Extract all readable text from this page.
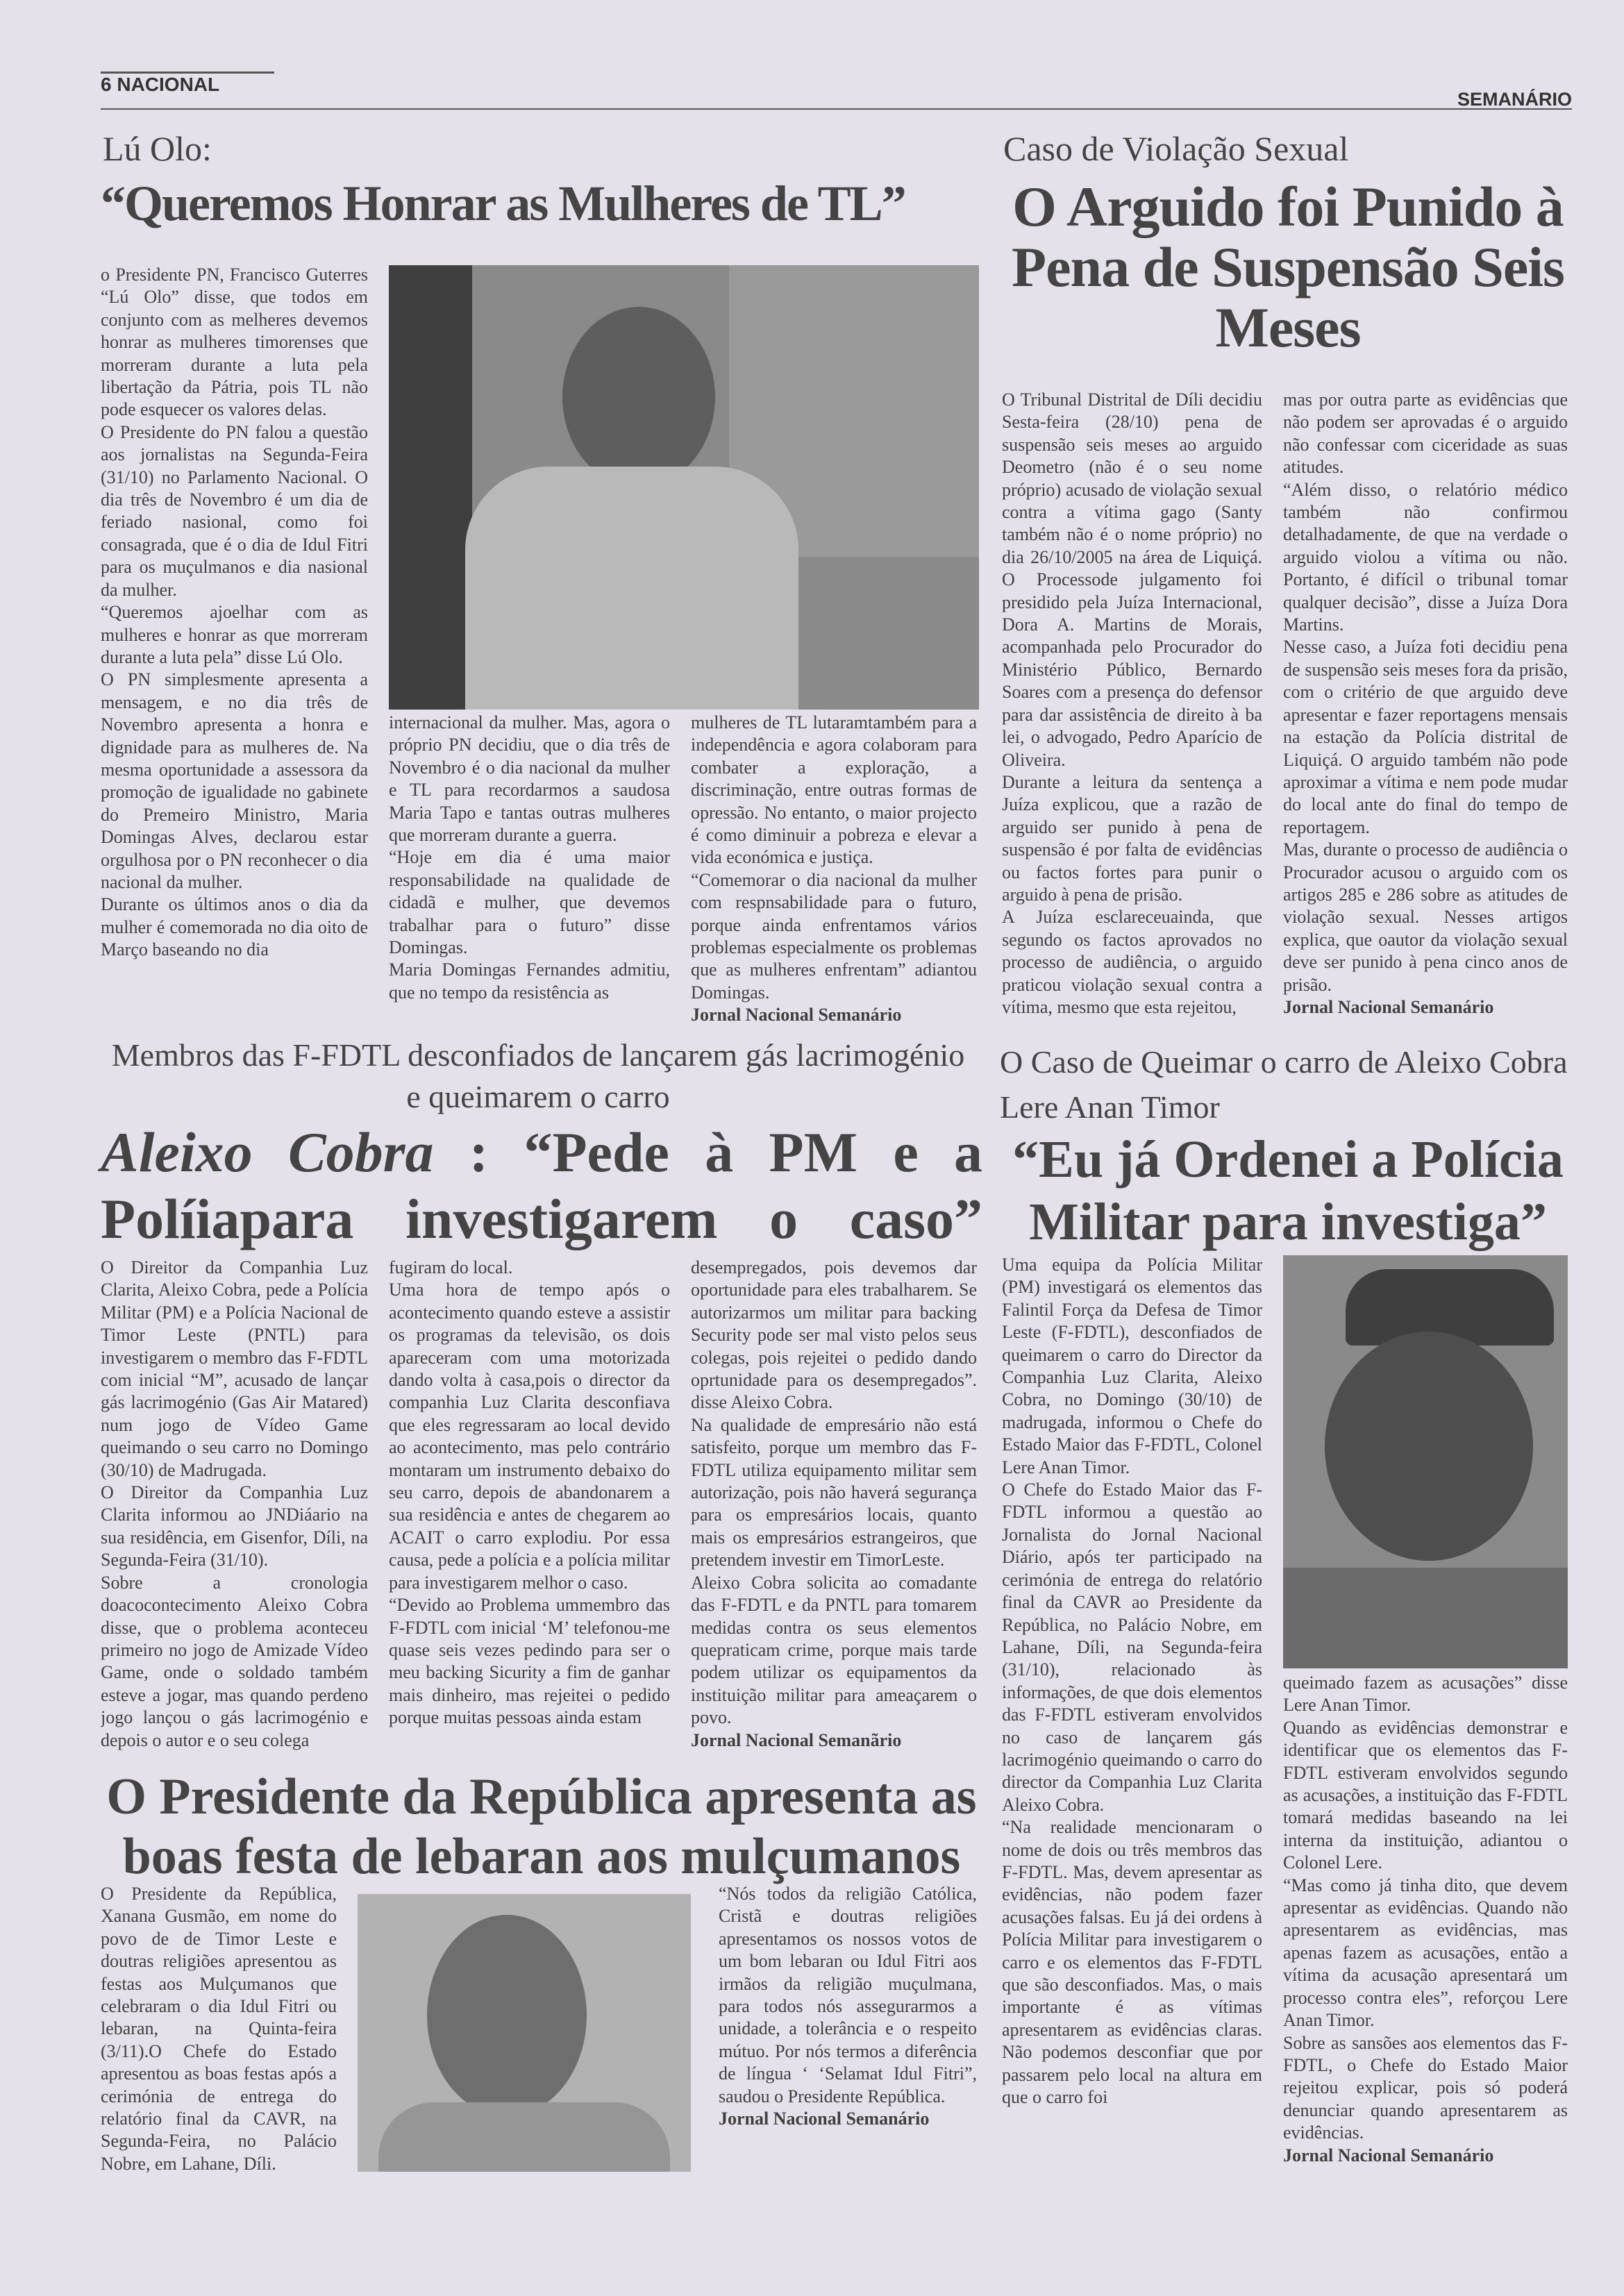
6 NACIONAL
SEMANÁRIO
Lú Olo:
“Queremos Honrar as Mulheres de TL”

o Presidente PN, Francisco Guterres “Lú Olo” disse, que todos em conjunto com as melheres devemos honrar as mulheres timorenses que morreram durante a luta pela libertação da Pátria, pois TL não pode esquecer os valores delas.
O Presidente do PN falou a questão aos jornalistas na Segunda-Feira (31/10) no Parlamento Nacional. O dia três de Novembro é um dia de feriado nasional, como foi consagrada, que é o dia de Idul Fitri para os muçulmanos e dia nasional da mulher.
“Queremos ajoelhar com as mulheres e honrar as que morreram durante a luta pela” disse Lú Olo.
O PN simplesmente apresenta a mensagem, e no dia três de Novembro apresenta a honra e dignidade para as mulheres de. Na mesma oportunidade a assessora da promoção de igualidade no gabinete do Premeiro Ministro, Maria Domingas Alves, declarou estar orgulhosa por o PN reconhecer o dia nacional da mulher.
Durante os últimos anos o dia da mulher é comemorada no dia oito de Março baseando no dia

internacional da mulher. Mas, agora o próprio PN decidiu, que o dia três de Novembro é o dia nacional da mulher e TL para recordarmos a saudosa Maria Tapo e tantas outras mulheres que morreram durante a guerra.
“Hoje em dia é uma maior responsabilidade na qualidade de cidadã e mulher, que devemos trabalhar para o futuro” disse Domingas.
Maria Domingas Fernandes admitiu, que no tempo da resistência as

mulheres de TL lutaramtambém para a independência e agora colaboram para combater a exploração, a discriminação, entre outras formas de opressão. No entanto, o maior projecto é como diminuir a pobreza e elevar a vida económica e justiça.
“Comemorar o dia nacional da mulher com respnsabilidade para o futuro, porque ainda enfrentamos vários problemas especialmente os problemas que as mulheres enfrentam” adiantou Domingas.

Jornal Nacional Semanário

Caso de Violação Sexual
O Arguido foi Punido à Pena de Suspensão Seis Meses

O Tribunal Distrital de Díli decidiu Sesta-feira (28/10) pena de suspensão seis meses ao arguido Deometro (não é o seu nome próprio) acusado de violação sexual contra a vítima gago (Santy também não é o nome próprio) no dia 26/10/2005 na área de Liquiçá. O Processode julgamento foi presidido pela Juíza Internacional, Dora A. Martins de Morais, acompanhada pelo Procurador do Ministério Público, Bernardo Soares com a presença do defensor para dar assistência de direito à ba lei, o advogado, Pedro Aparício de Oliveira.
Durante a leitura da sentença a Juíza explicou, que a razão de arguido ser punido à pena de suspensão é por falta de evidências ou factos fortes para punir o arguido à pena de prisão.
A Juíza esclareceuainda, que segundo os factos aprovados no processo de audiência, o arguido praticou violação sexual contra a vítima, mesmo que esta rejeitou,

mas por outra parte as evidências que não podem ser aprovadas é o arguido não confessar com ciceridade as suas atitudes.
“Além disso, o relatório médico também não confirmou detalhadamente, de que na verdade o arguido violou a vítima ou não. Portanto, é difícil o tribunal tomar qualquer decisão”, disse a Juíza Dora Martins.
Nesse caso, a Juíza foti decidiu pena de suspensão seis meses fora da prisão, com o critério de que arguido deve apresentar e fazer reportagens mensais na estação da Polícia distrital de Liquiçá. O arguido também não pode aproximar a vítima e nem pode mudar do local ante do final do tempo de reportagem.
Mas, durante o processo de audiência o Procurador acusou o arguido com os artigos 285 e 286 sobre as atitudes de violação sexual. Nesses artigos explica, que oautor da violação sexual deve ser punido à pena cinco anos de prisão.

Jornal Nacional Semanário

Membros das F-FDTL desconfiados de lançarem gás lacrimogénio e queimarem o carro
Aleixo Cobra : “Pede à PM e a Políiapara investigarem o caso”

O Direitor da Companhia Luz Clarita, Aleixo Cobra, pede a Polícia Militar (PM) e a Polícia Nacional de Timor Leste (PNTL) para investigarem o membro das F-FDTL com inicial “M”, acusado de lançar gás lacrimogénio (Gas Air Matared) num jogo de Vídeo Game queimando o seu carro no Domingo (30/10) de Madrugada.
O Direitor da Companhia Luz Clarita informou ao JNDiáario na sua residência, em Gisenfor, Díli, na Segunda-Feira (31/10).
Sobre a cronologia doacocontecimento Aleixo Cobra disse, que o problema aconteceu primeiro no jogo de Amizade Vídeo Game, onde o soldado também esteve a jogar, mas quando perdeno jogo lançou o gás lacrimogénio e depois o autor e o seu colega

fugiram do local.
Uma hora de tempo após o acontecimento quando esteve a assistir os programas da televisão, os dois apareceram com uma motorizada dando volta à casa,pois o director da companhia Luz Clarita desconfiava que eles regressaram ao local devido ao acontecimento, mas pelo contrário montaram um instrumento debaixo do seu carro, depois de abandonarem a sua residência e antes de chegarem ao ACAIT o carro explodiu. Por essa causa, pede a polícia e a polícia militar para investigarem melhor o caso.
“Devido ao Problema ummembro das F-FDTL com inicial ‘M’ telefonou-me quase seis vezes pedindo para ser o meu backing Sicurity a fim de ganhar mais dinheiro, mas rejeitei o pedido porque muitas pessoas ainda estam

desempregados, pois devemos dar oportunidade para eles trabalharem. Se autorizarmos um militar para backing Security pode ser mal visto pelos seus colegas, pois rejeitei o pedido dando oprtunidade para os desempregados”. disse Aleixo Cobra.
Na qualidade de empresário não está satisfeito, porque um membro das F-FDTL utiliza equipamento militar sem autorização, pois não haverá segurança para os empresários locais, quanto mais os empresários estrangeiros, que pretendem investir em TimorLeste.
Aleixo Cobra solicita ao comadante das F-FDTL e da PNTL para tomarem medidas contra os seus elementos quepraticam crime, porque mais tarde podem utilizar os equipamentos da instituição militar para ameaçarem o povo.

Jornal Nacional Semanãrio

O Caso de Queimar o carro de Aleixo Cobra
Lere Anan Timor
“Eu já Ordenei a Polícia Militar para investiga”

Uma equipa da Polícia Militar (PM) investigará os elementos das Falintil Força da Defesa de Timor Leste (F-FDTL), desconfiados de queimarem o carro do Director da Companhia Luz Clarita, Aleixo Cobra, no Domingo (30/10) de madrugada, informou o Chefe do Estado Maior das F-FDTL, Colonel Lere Anan Timor.
O Chefe do Estado Maior das F-FDTL informou a questão ao Jornalista do Jornal Nacional Diário, após ter participado na cerimónia de entrega do relatório final da CAVR ao Presidente da República, no Palácio Nobre, em Lahane, Díli, na Segunda-feira (31/10), relacionado às informações, de que dois elementos das F-FDTL estiveram envolvidos no caso de lançarem gás lacrimogénio queimando o carro do director da Companhia Luz Clarita Aleixo Cobra.
“Na realidade mencionaram o nome de dois ou três membros das F-FDTL. Mas, devem apresentar as evidências, não podem fazer acusações falsas. Eu já dei ordens à Polícia Militar para investigarem o carro e os elementos das F-FDTL que são desconfiados. Mas, o mais importante é as vítimas apresentarem as evidências claras. Não podemos desconfiar que por passarem pelo local na altura em que o carro foi

queimado fazem as acusações” disse Lere Anan Timor.
Quando as evidências demonstrar e identificar que os elementos das F-FDTL estiveram envolvidos segundo as acusações, a instituição das F-FDTL tomará medidas baseando na lei interna da instituição, adiantou o Colonel Lere.
“Mas como já tinha dito, que devem apresentar as evidências. Quando não apresentarem as evidências, mas apenas fazem as acusações, então a vítima da acusação apresentará um processo contra eles”, reforçou Lere Anan Timor.
Sobre as sansões aos elementos das F-FDTL, o Chefe do Estado Maior rejeitou explicar, pois só poderá denunciar quando apresentarem as evidências.

Jornal Nacional Semanário

O Presidente da República apresenta as boas festa de lebaran aos mulçumanos

O Presidente da República, Xanana Gusmão, em nome do povo de de Timor Leste e doutras religiões apresentou as festas aos Mulçumanos que celebraram o dia Idul Fitri ou lebaran, na Quinta-feira (3/11).O Chefe do Estado apresentou as boas festas após a cerimónia de entrega do relatório final da CAVR, na Segunda-Feira, no Palácio Nobre, em Lahane, Díli.

“Nós todos da religião Católica, Cristã e doutras religiões apresentamos os nossos votos de um bom lebaran ou Idul Fitri aos irmãos da religião muçulmana, para todos nós assegurarmos a unidade, a tolerância e o respeito mútuo. Por nós termos a diferência de língua ‘ ‘Selamat Idul Fitri”, saudou o Presidente República.

Jornal Nacional Semanário
